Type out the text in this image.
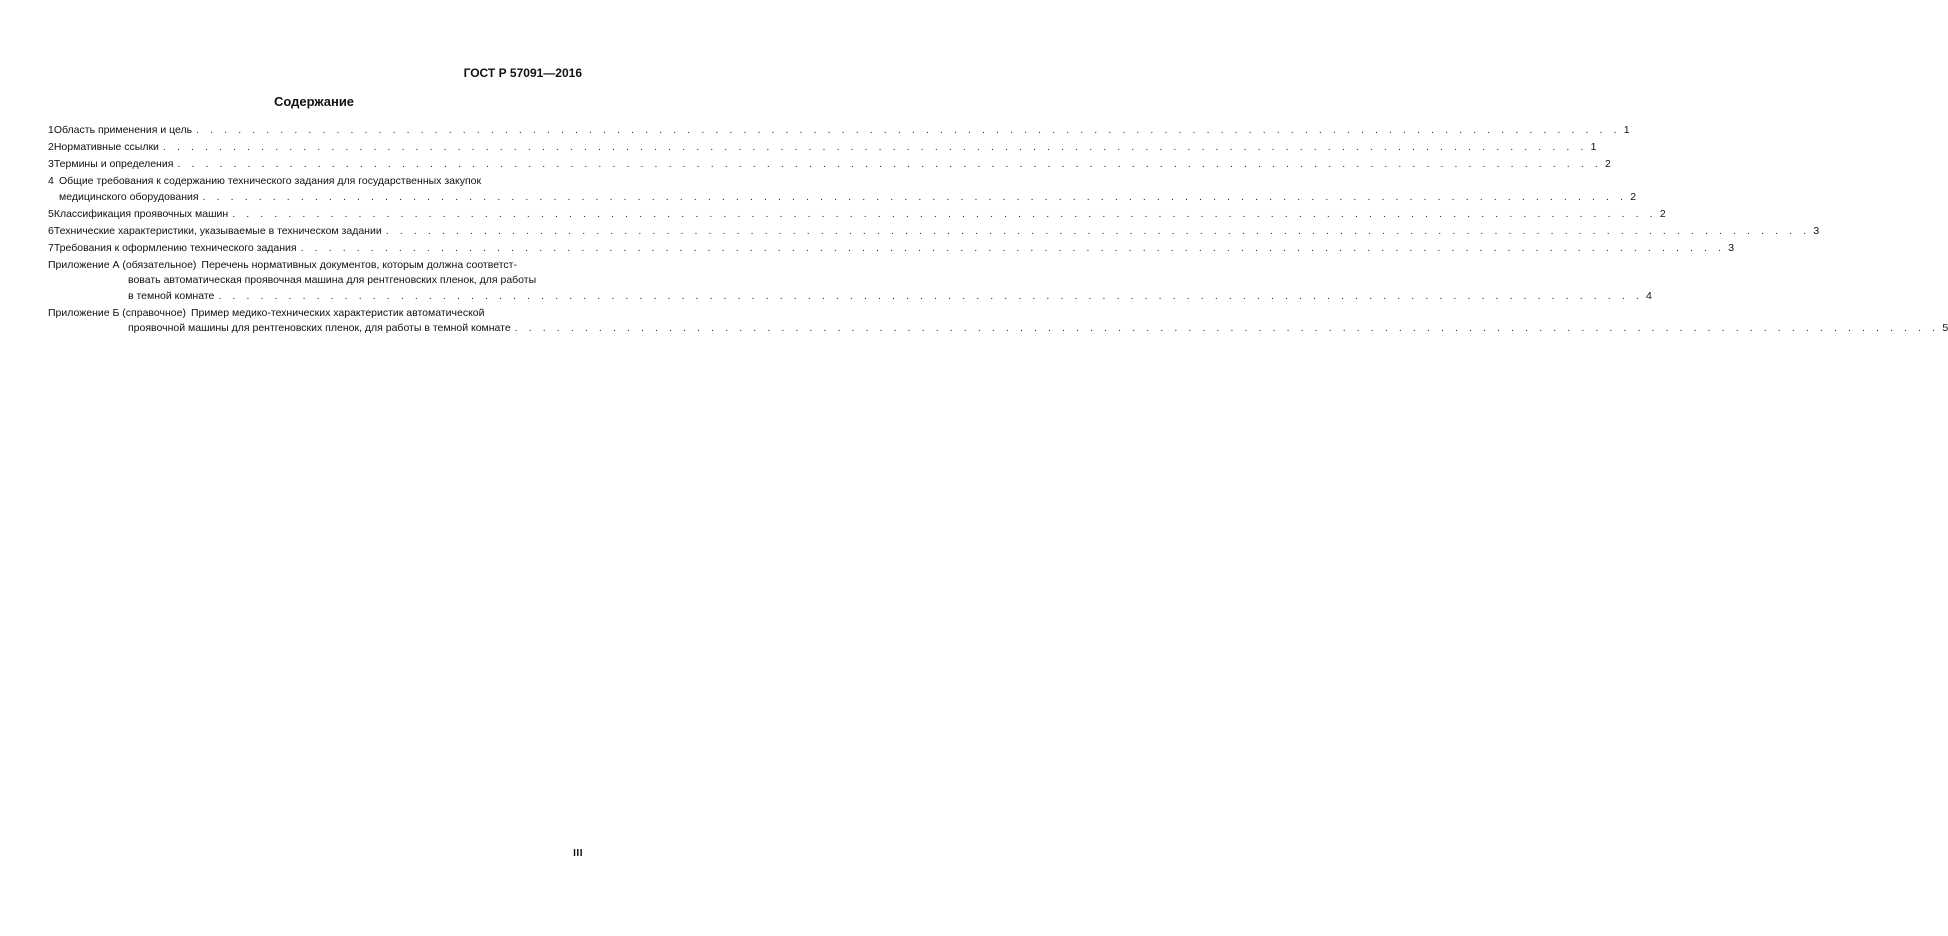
ГОСТ Р 57091—2016
Содержание
1 Область применения и цель . . . . . . . . . . . . . . . . . . . . . . . . . . . . . . . . . . . . . . . . . . . . . . . . . . . . . . . . . . . . . . . . . . . . . . . . . . . . . . . . . . . . . . . . . . . . . . . . . . . . . . 1
2 Нормативные ссылки . . . . . . . . . . . . . . . . . . . . . . . . . . . . . . . . . . . . . . . . . . . . . . . . . . . . . . . . . . . . . . . . . . . . . . . . . . . . . . . . . . . . . . . . . . . . . . . . . . . . . . 1
3 Термины и определения . . . . . . . . . . . . . . . . . . . . . . . . . . . . . . . . . . . . . . . . . . . . . . . . . . . . . . . . . . . . . . . . . . . . . . . . . . . . . . . . . . . . . . . . . . . . . . . . . . . . . . 2
4 Общие требования к содержанию технического задания для государственных закупок
медицинского оборудования . . . . . . . . . . . . . . . . . . . . . . . . . . . . . . . . . . . . . . . . . . . . . . . . . . . . . . . . . . . . . . . . . . . . . . . . . . . . . . . . . . . . . . . . . . . . . . . . . . . . . . 2
5 Классификация проявочных машин . . . . . . . . . . . . . . . . . . . . . . . . . . . . . . . . . . . . . . . . . . . . . . . . . . . . . . . . . . . . . . . . . . . . . . . . . . . . . . . . . . . . . . . . . . . . . . . . . . . . . . 2
6 Технические характеристики, указываемые в техническом задании . . . . . . . . . . . . . . . . . . . . . . . . . . . . . . . . . . . . . . . . . . . . . . . . . . . . . . . . . . . . . . . . . . . . . . . . . . . . . . . . . . . . . . . . . . . . . . . . . . . . . . 3
7 Требования к оформлению технического задания . . . . . . . . . . . . . . . . . . . . . . . . . . . . . . . . . . . . . . . . . . . . . . . . . . . . . . . . . . . . . . . . . . . . . . . . . . . . . . . . . . . . . . . . . . . . . . . . . . . . . . 3
Приложение А (обязательное) Перечень нормативных документов, которым должна соответст-
вовать автоматическая проявочная машина для рентгеновских пленок, для работы
в темной комнате . . . . . . . . . . . . . . . . . . . . . . . . . . . . . . . . . . . . . . . . . . . . . . . . . . . . . . . . . . . . . . . . . . . . . . . . . . . . . . . . . . . . . . . . . . . . . . . . . . . . . . 4
Приложение Б (справочное) Пример медико-технических характеристик автоматической
проявочной машины для рентгеновских пленок, для работы в темной комнате . . . . . . . . . . . . . . . . . . . . . . . . . . . . . . . . . . . . . . . . . . . . . . . . . . . . . . . . . . . . . . . . . . . . . . . . . . . . . . . . . . . . . . . . . . . . . . . . . . . . . . 5
III
